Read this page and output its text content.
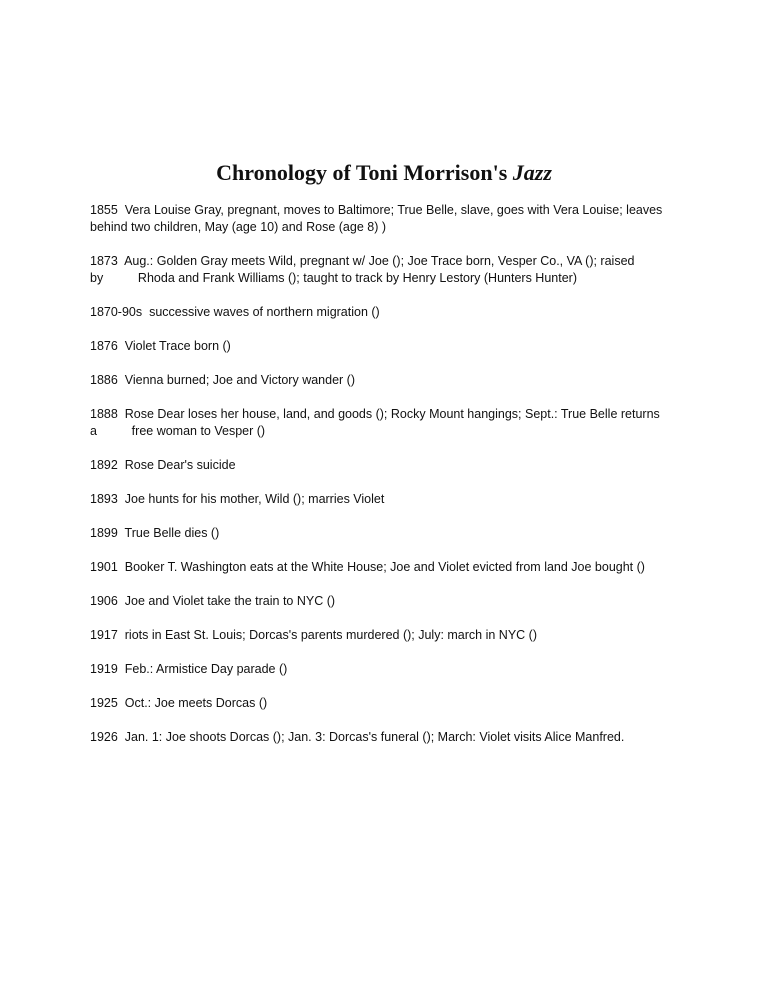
Chronology of Toni Morrison's Jazz
1855  Vera Louise Gray, pregnant, moves to Baltimore; True Belle, slave, goes with Vera Louise; leaves
behind two children, May (age 10) and Rose (age 8) )
1873  Aug.: Golden Gray meets Wild, pregnant w/ Joe (); Joe Trace born, Vesper Co., VA (); raised
by          Rhoda and Frank Williams (); taught to track by Henry Lestory (Hunters Hunter)
1870-90s  successive waves of northern migration ()
1876  Violet Trace born ()
1886  Vienna burned; Joe and Victory wander ()
1888  Rose Dear loses her house, land, and goods (); Rocky Mount hangings; Sept.: True Belle returns
a          free woman to Vesper ()
1892  Rose Dear's suicide
1893  Joe hunts for his mother, Wild (); marries Violet
1899  True Belle dies ()
1901  Booker T. Washington eats at the White House; Joe and Violet evicted from land Joe bought ()
1906  Joe and Violet take the train to NYC ()
1917  riots in East St. Louis; Dorcas's parents murdered (); July: march in NYC ()
1919  Feb.: Armistice Day parade ()
1925  Oct.: Joe meets Dorcas ()
1926  Jan. 1: Joe shoots Dorcas (); Jan. 3: Dorcas's funeral (); March: Violet visits Alice Manfred.
